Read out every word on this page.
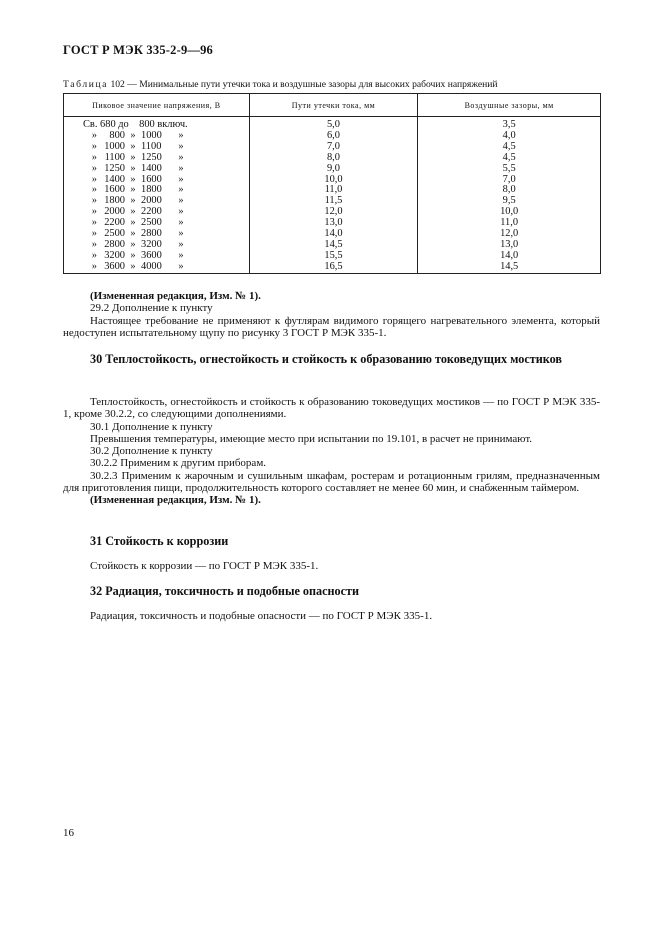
ГОСТ Р МЭК 335-2-9—96
Таблица 102 — Минимальные пути утечки тока и воздушные зазоры для высоких рабочих напряжений
Пиковое значение напряжения, В	Пути утечки тока, мм	Воздушные зазоры, мм
Св. 680 до 800 включ.	5,0	3,5
» 800 » 1000 »	6,0	4,0
» 1000 » 1100 »	7,0	4,5
» 1100 » 1250 »	8,0	4,5
» 1250 » 1400 »	9,0	5,5
» 1400 » 1600 »	10,0	7,0
» 1600 » 1800 »	11,0	8,0
» 1800 » 2000 »	11,5	9,5
» 2000 » 2200 »	12,0	10,0
» 2200 » 2500 »	13,0	11,0
» 2500 » 2800 »	14,0	12,0
» 2800 » 3200 »	14,5	13,0
» 3200 » 3600 »	15,5	14,0
» 3600 » 4000 »	16,5	14,5

(Измененная редакция, Изм. № 1).

29.2 Дополнение к пункту

Настоящее требование не применяют к футлярам видимого горящего нагревательного элемента, который недоступен испытательному щупу по рисунку 3 ГОСТ Р МЭК 335-1.

30 Теплостойкость, огнестойкость и стойкость к образованию токоведущих мостиков

Теплостойкость, огнестойкость и стойкость к образованию токоведущих мостиков — по ГОСТ Р МЭК 335-1, кроме 30.2.2, со следующими дополнениями.

30.1 Дополнение к пункту

Превышения температуры, имеющие место при испытании по 19.101, в расчет не принимают.

30.2 Дополнение к пункту

30.2.2 Применим к другим приборам.

30.2.3 Применим к жарочным и сушильным шкафам, ростерам и ротационным грилям, предназначенным для приготовления пищи, продолжительность которого составляет не менее 60 мин, и снабженным таймером.

(Измененная редакция, Изм. № 1).

31 Стойкость к коррозии

Стойкость к коррозии — по ГОСТ Р МЭК 335-1.

32 Радиация, токсичность и подобные опасности

Радиация, токсичность и подобные опасности — по ГОСТ Р МЭК 335-1.

16
